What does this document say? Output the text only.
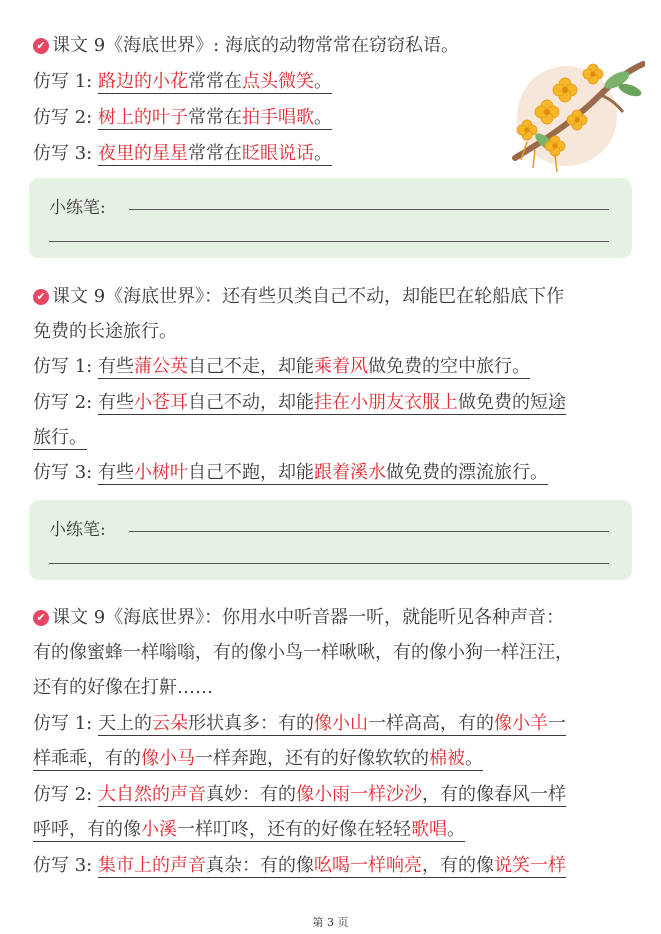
✔ 课文 9《海底世界》: 海底的动物常常在窃窃私语。
仿写 1: 路边的小花常常在点头微笑。
仿写 2: 树上的叶子常常在拍手唱歌。
仿写 3: 夜里的星星常常在眨眼说话。
小练笔:
✔ 课文 9《海底世界》：还有些贝类自己不动，却能巴在轮船底下作
免费的长途旅行。
仿写 1: 有些蒲公英自己不走，却能乘着风做免费的空中旅行。
仿写 2: 有些小苍耳自己不动，却能挂在小朋友衣服上做免费的短途
旅行。
仿写 3: 有些小树叶自己不跑，却能跟着溪水做免费的漂流旅行。
小练笔:
✔ 课文 9《海底世界》：你用水中听音器一听，就能听见各种声音：
有的像蜜蜂一样嗡嗡，有的像小鸟一样啾啾，有的像小狗一样汪汪，
还有的好像在打鼾……
仿写 1: 天上的云朵形状真多：有的像小山一样高高，有的像小羊一
样乖乖，有的像小马一样奔跑，还有的好像软软的棉被。
仿写 2: 大自然的声音真妙：有的像小雨一样沙沙，有的像春风一样
呼呼，有的像小溪一样叮咚，还有的好像在轻轻歌唱。
仿写 3: 集市上的声音真杂：有的像吆喝一样响亮，有的像说笑一样
第 3 页
